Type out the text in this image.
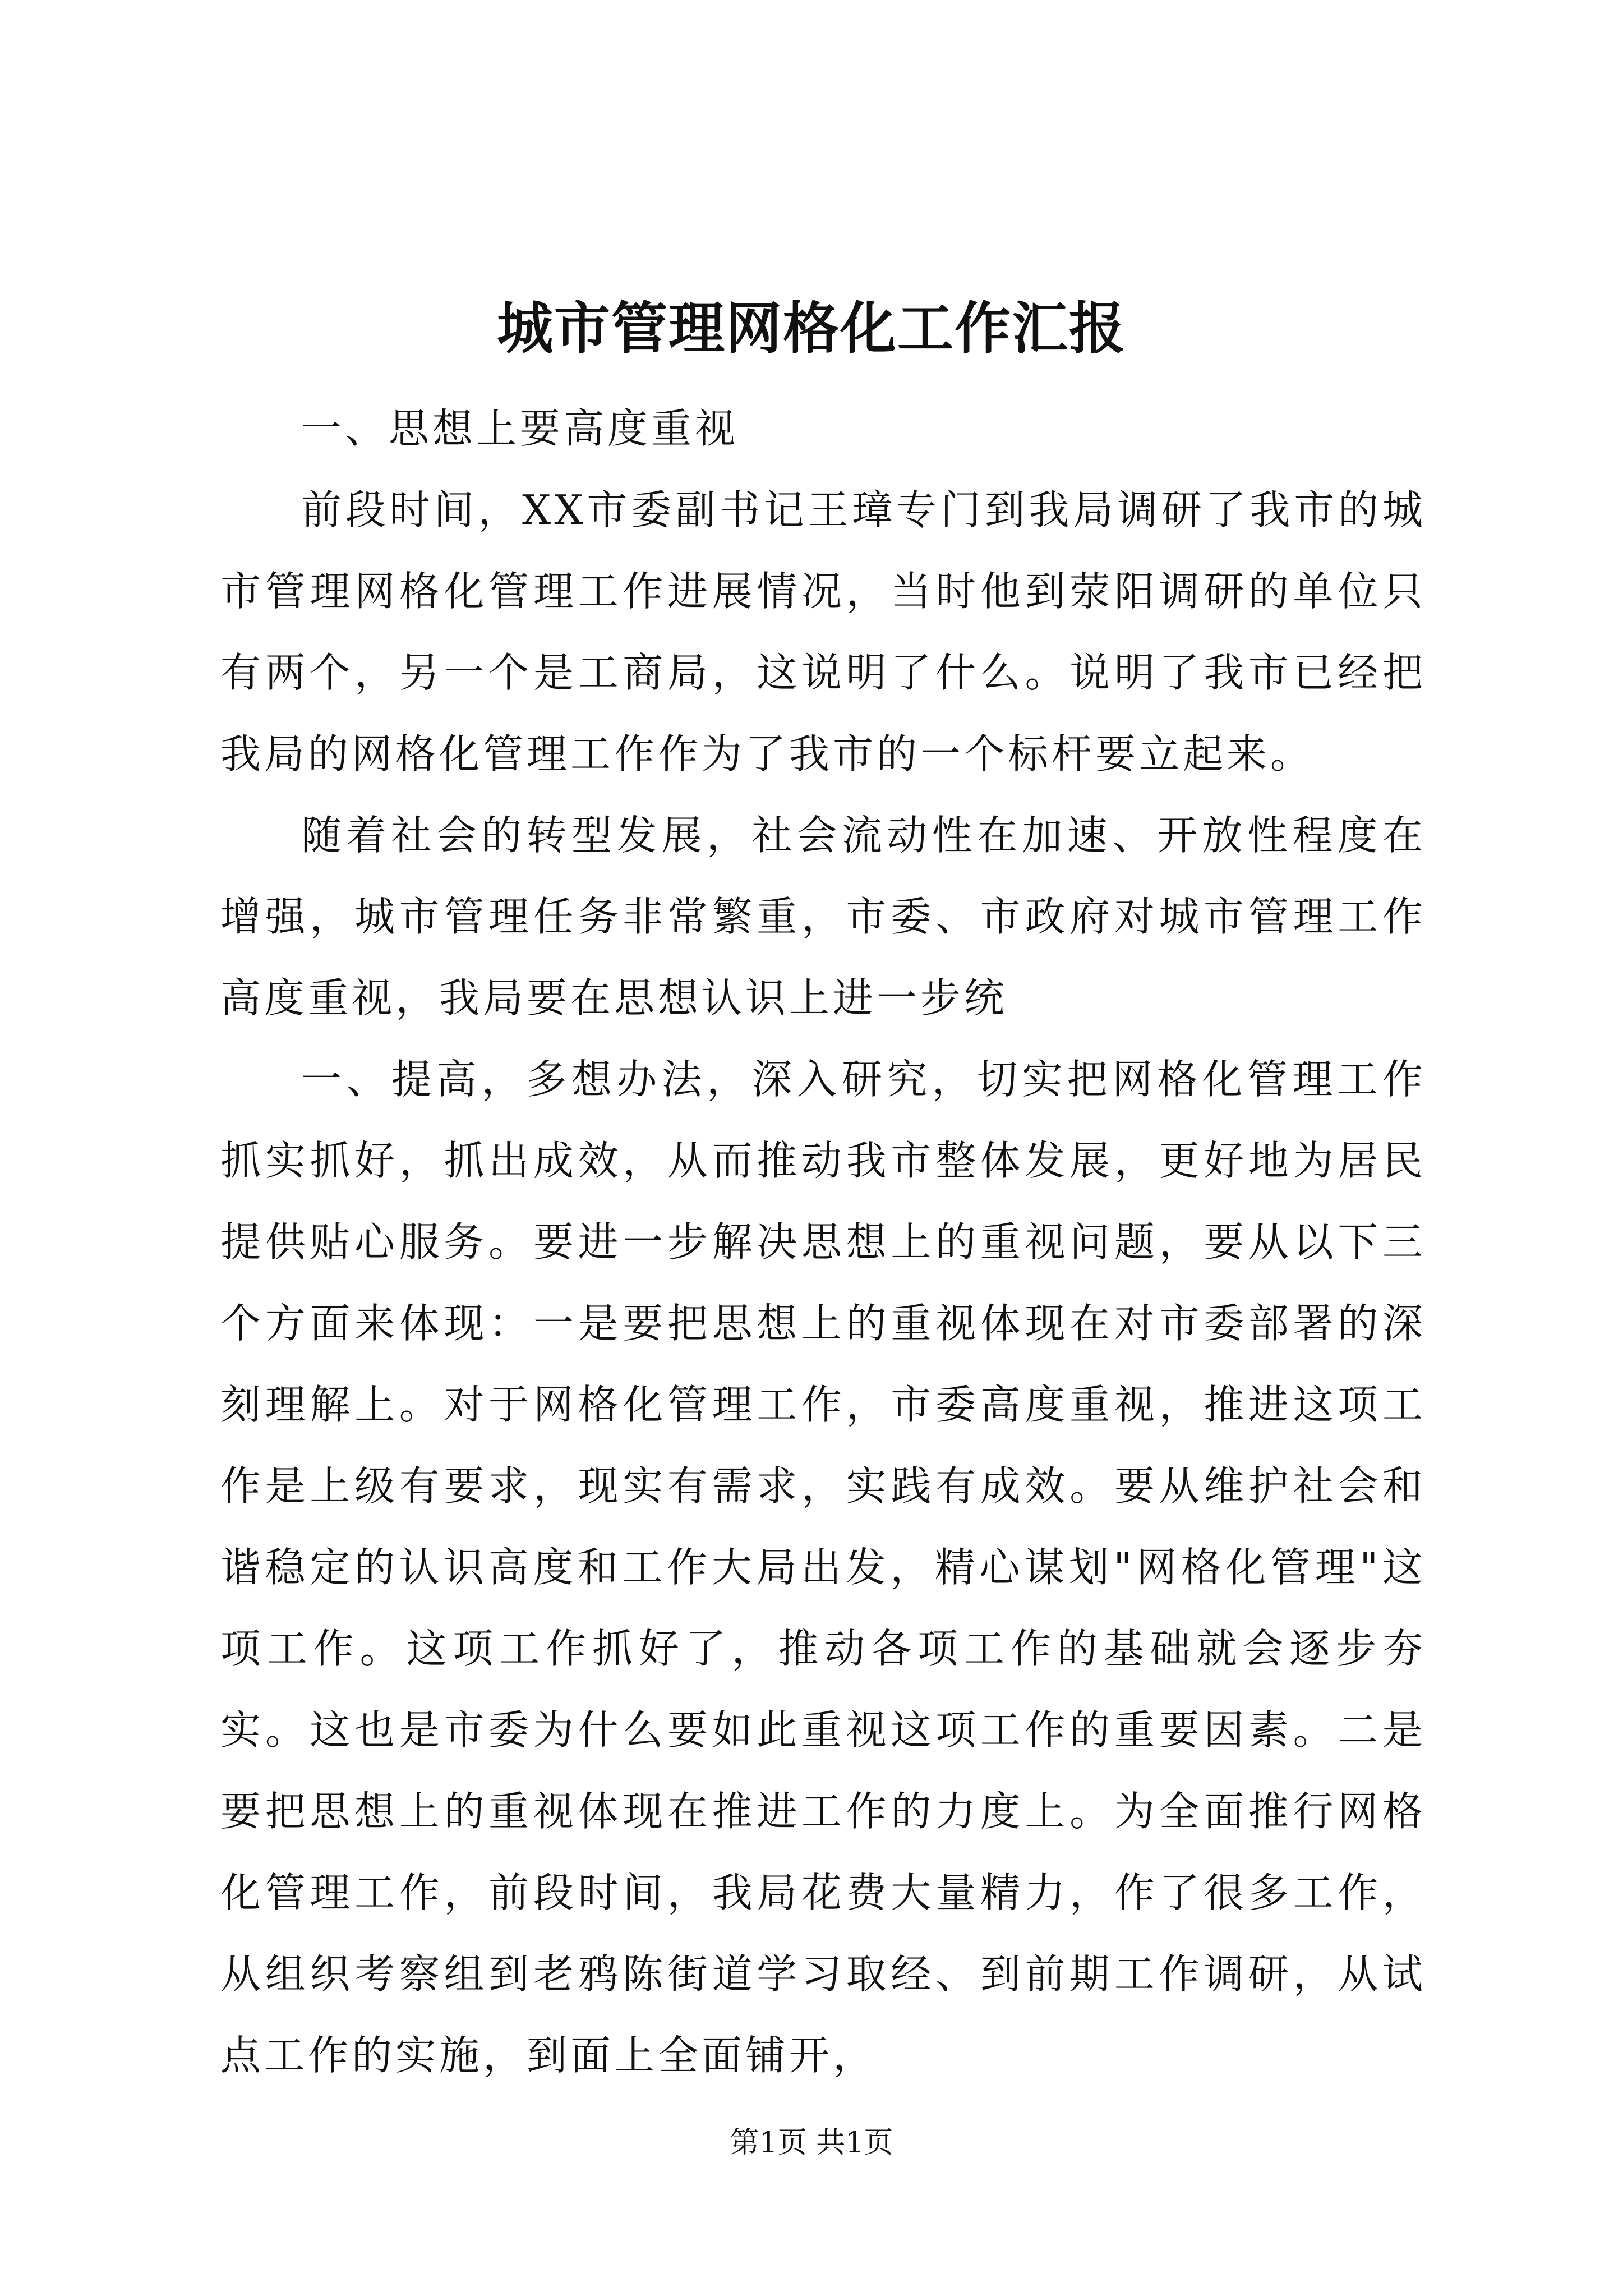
城市管理网格化工作汇报

一、思想上要高度重视

前段时间，XX市委副书记王璋专门到我局调研了我市的城市管理网格化管理工作进展情况，当时他到荥阳调研的单位只有两个，另一个是工商局，这说明了什么。说明了我市已经把我局的网格化管理工作作为了我市的一个标杆要立起来。

随着社会的转型发展，社会流动性在加速、开放性程度在增强，城市管理任务非常繁重，市委、市政府对城市管理工作高度重视，我局要在思想认识上进一步统

一、提高，多想办法，深入研究，切实把网格化管理工作抓实抓好，抓出成效，从而推动我市整体发展，更好地为居民提供贴心服务。要进一步解决思想上的重视问题，要从以下三个方面来体现：一是要把思想上的重视体现在对市委部署的深刻理解上。对于网格化管理工作，市委高度重视，推进这项工作是上级有要求，现实有需求，实践有成效。要从维护社会和谐稳定的认识高度和工作大局出发，精心谋划"网格化管理"这项工作。这项工作抓好了，推动各项工作的基础就会逐步夯实。这也是市委为什么要如此重视这项工作的重要因素。二是要把思想上的重视体现在推进工作的力度上。为全面推行网格化管理工作，前段时间，我局花费大量精力，作了很多工作，从组织考察组到老鸦陈街道学习取经、到前期工作调研，从试点工作的实施，到面上全面铺开，

第1页 共1页
